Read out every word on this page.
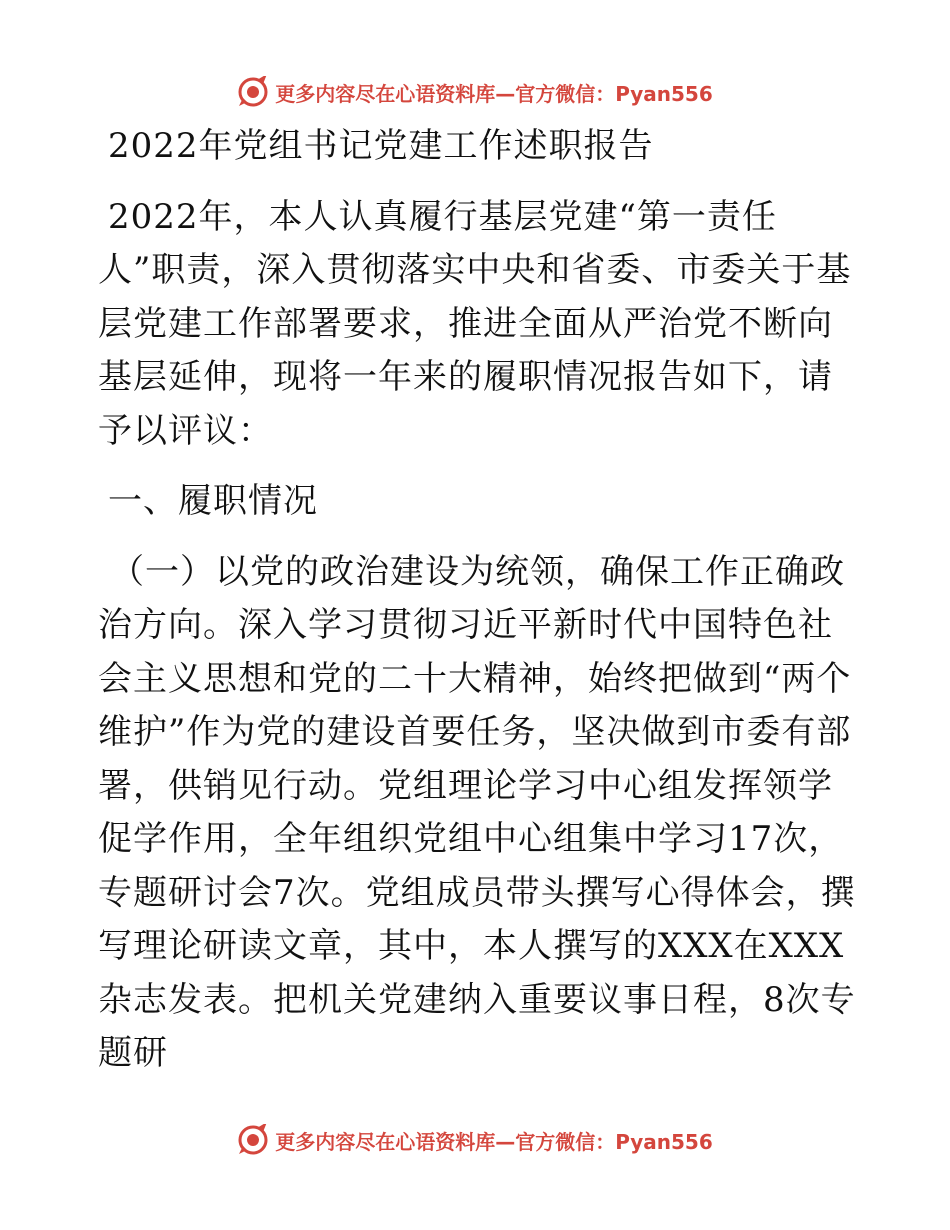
更多内容尽在心语资料库—官方微信：Pyan556

2022年党组书记党建工作述职报告

2022年，本人认真履行基层党建“第一责任人”职责，深入贯彻落实中央和省委、市委关于基层党建工作部署要求，推进全面从严治党不断向基层延伸，现将一年来的履职情况报告如下，请予以评议：

一、履职情况

（一）以党的政治建设为统领，确保工作正确政治方向。深入学习贯彻习近平新时代中国特色社会主义思想和党的二十大精神，始终把做到“两个维护”作为党的建设首要任务，坚决做到市委有部署，供销见行动。党组理论学习中心组发挥领学促学作用，全年组织党组中心组集中学习17次，专题研讨会7次。党组成员带头撰写心得体会，撰写理论研读文章，其中，本人撰写的XXX在XXX杂志发表。把机关党建纳入重要议事日程，8次专题研

更多内容尽在心语资料库—官方微信：Pyan556
